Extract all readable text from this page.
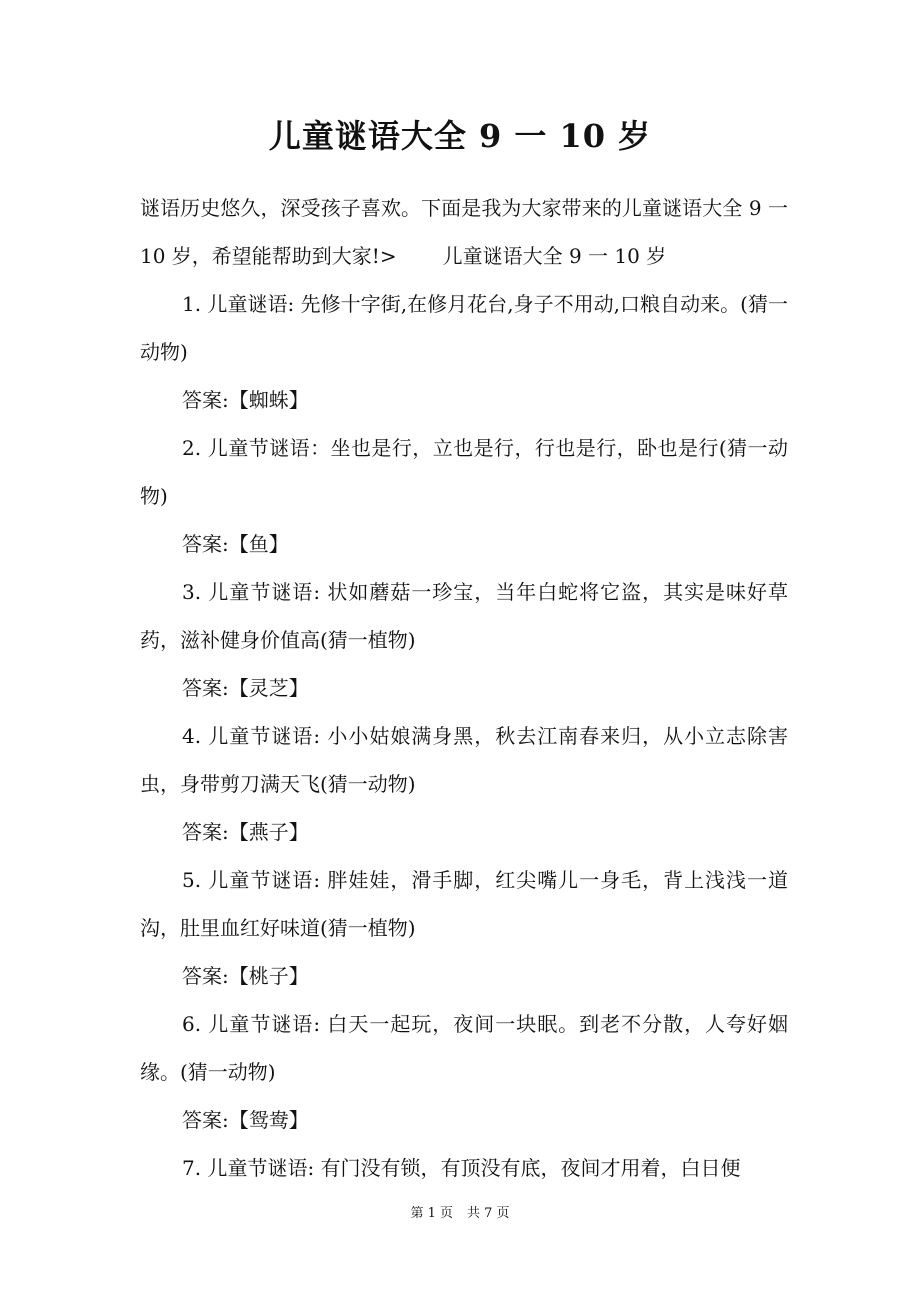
儿童谜语大全 9 一 10 岁

谜语历史悠久，深受孩子喜欢。下面是我为大家带来的儿童谜语大全 9 一 10 岁，希望能帮助到大家!> 儿童谜语大全 9 一 10 岁

1. 儿童谜语: 先修十字街,在修月花台,身子不用动,口粮自动来。(猜一动物)

答案:【蜘蛛】

2. 儿童节谜语：坐也是行，立也是行，行也是行，卧也是行(猜一动物)

答案:【鱼】

3. 儿童节谜语: 状如蘑菇一珍宝，当年白蛇将它盗，其实是味好草药，滋补健身价值高(猜一植物)

答案:【灵芝】

4. 儿童节谜语: 小小姑娘满身黑，秋去江南春来归，从小立志除害虫，身带剪刀满天飞(猜一动物)

答案:【燕子】

5. 儿童节谜语: 胖娃娃，滑手脚，红尖嘴儿一身毛，背上浅浅一道沟，肚里血红好味道(猜一植物)

答案:【桃子】

6. 儿童节谜语: 白天一起玩，夜间一块眠。到老不分散，人夸好姻缘。(猜一动物)

答案:【鸳鸯】

7. 儿童节谜语: 有门没有锁，有顶没有底，夜间才用着，白日便

第 1 页 共 7 页
